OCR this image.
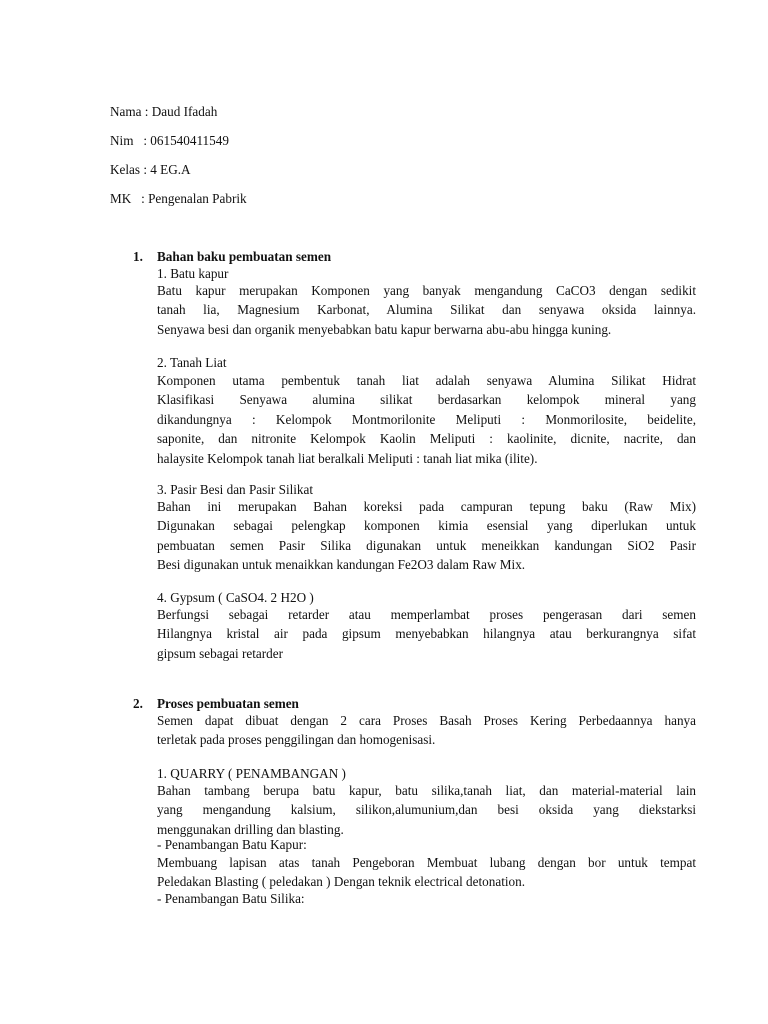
Nama : Daud Ifadah
Nim   : 061540411549
Kelas : 4 EG.A
MK   : Pengenalan Pabrik
1. Bahan baku pembuatan semen
1. Batu kapur
Batu kapur merupakan Komponen yang banyak mengandung CaCO3 dengan sedikit
tanah lia, Magnesium Karbonat, Alumina Silikat dan senyawa oksida lainnya.
Senyawa besi dan organik menyebabkan batu kapur berwarna abu-abu hingga kuning.
2. Tanah Liat
Komponen utama pembentuk tanah liat adalah senyawa Alumina Silikat Hidrat
Klasifikasi Senyawa alumina silikat berdasarkan kelompok mineral yang
dikandungnya : Kelompok Montmorilonite Meliputi : Monmorilosite, beidelite,
saponite, dan nitronite Kelompok Kaolin Meliputi : kaolinite, dicnite, nacrite, dan
halaysite Kelompok tanah liat beralkali Meliputi : tanah liat mika (ilite).
3. Pasir Besi dan Pasir Silikat
Bahan ini merupakan Bahan koreksi pada campuran tepung baku (Raw Mix)
Digunakan sebagai pelengkap komponen kimia esensial yang diperlukan untuk
pembuatan semen Pasir Silika digunakan untuk meneikkan kandungan SiO2 Pasir
Besi digunakan untuk menaikkan kandungan Fe2O3 dalam Raw Mix.
4. Gypsum ( CaSO4. 2 H2O )
Berfungsi sebagai retarder atau memperlambat proses pengerasan dari semen
Hilangnya kristal air pada gipsum menyebabkan hilangnya atau berkurangnya sifat
gipsum sebagai retarder
2. Proses pembuatan semen
Semen dapat dibuat dengan 2 cara Proses Basah Proses Kering Perbedaannya hanya
terletak pada proses penggilingan dan homogenisasi.
1. QUARRY ( PENAMBANGAN )
Bahan tambang berupa batu kapur, batu silika,tanah liat, dan material-material lain
yang mengandung kalsium, silikon,alumunium,dan besi oksida yang diekstarksi
menggunakan drilling dan blasting.
- Penambangan Batu Kapur:
Membuang lapisan atas tanah Pengeboran Membuat lubang dengan bor untuk tempat
Peledakan Blasting ( peledakan ) Dengan teknik electrical detonation.
- Penambangan Batu Silika:
